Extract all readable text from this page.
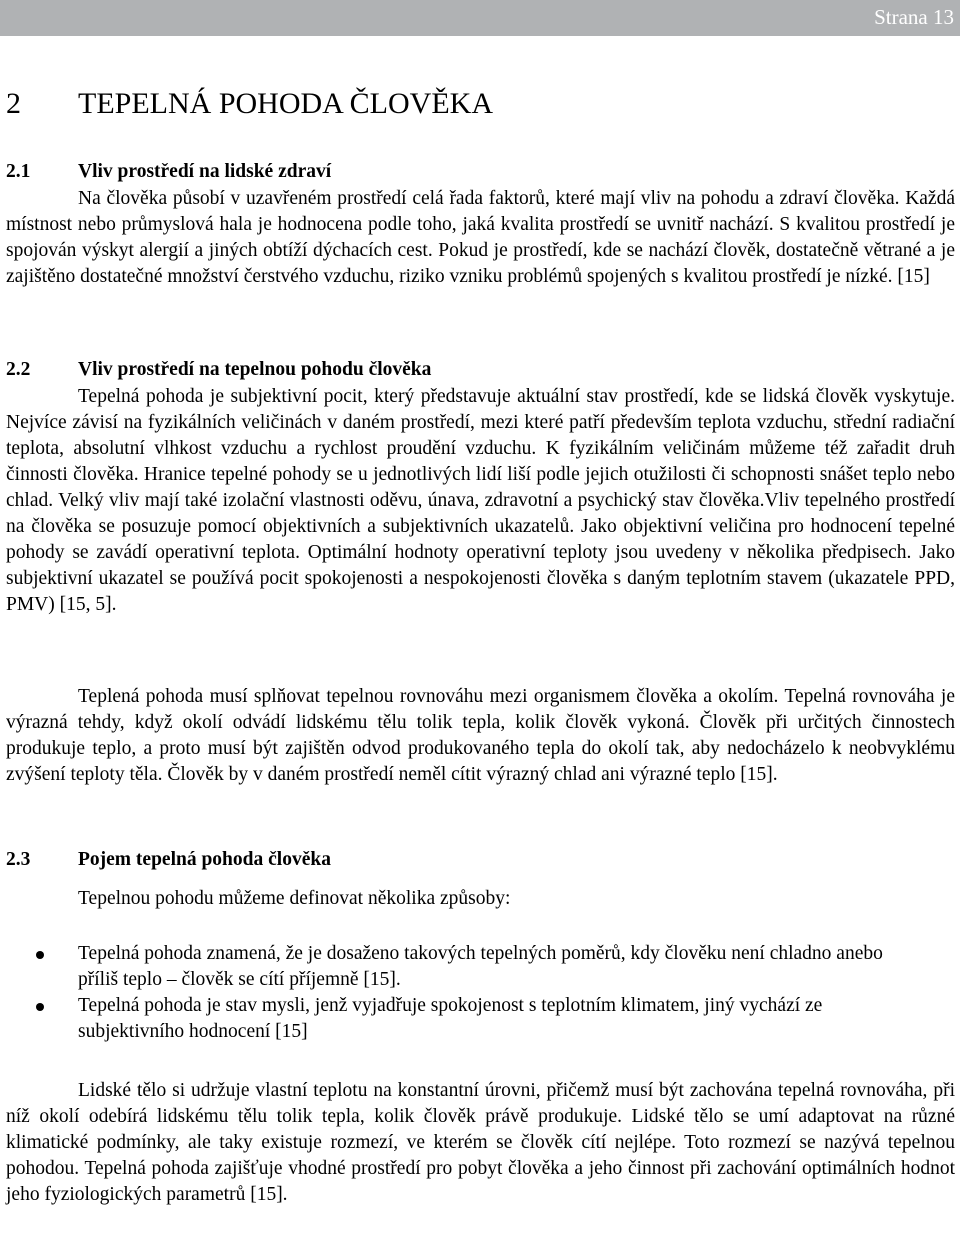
Strana 13
2 TEPELNÁ POHODA ČLOVĚKA
2.1 Vliv prostředí na lidské zdraví

Na člověka působí v uzavřeném prostředí celá řada faktorů, které mají vliv na pohodu a zdraví člověka. Každá místnost nebo průmyslová hala je hodnocena podle toho, jaká kvalita prostředí se uvnitř nachází. S kvalitou prostředí je spojován výskyt alergií a jiných obtíží dýchacích cest. Pokud je prostředí, kde se nachází člověk, dostatečně větrané a je zajištěno dostatečné množství čerstvého vzduchu, riziko vzniku problémů spojených s kvalitou prostředí je nízké. [15]

2.2 Vliv prostředí na tepelnou pohodu člověka

Tepelná pohoda je subjektivní pocit, který představuje aktuální stav prostředí, kde se lidská člověk vyskytuje. Nejvíce závisí na fyzikálních veličinách v daném prostředí, mezi které patří především teplota vzduchu, střední radiační teplota, absolutní vlhkost vzduchu a rychlost proudění vzduchu. K fyzikálním veličinám můžeme též zařadit druh činnosti člověka. Hranice tepelné pohody se u jednotlivých lidí liší podle jejich otužilosti či schopnosti snášet teplo nebo chlad. Velký vliv mají také izolační vlastnosti oděvu, únava, zdravotní a psychický stav člověka.Vliv tepelného prostředí na člověka se posuzuje pomocí objektivních a subjektivních ukazatelů. Jako objektivní veličina pro hodnocení tepelné pohody se zavádí operativní teplota. Optimální hodnoty operativní teploty jsou uvedeny v několika předpisech. Jako subjektivní ukazatel se používá pocit spokojenosti a nespokojenosti člověka s daným teplotním stavem (ukazatele PPD, PMV) [15, 5].

Teplená pohoda musí splňovat tepelnou rovnováhu mezi organismem člověka a okolím. Tepelná rovnováha je výrazná tehdy, když okolí odvádí lidskému tělu tolik tepla, kolik člověk vykoná. Člověk při určitých činnostech produkuje teplo, a proto musí být zajištěn odvod produkovaného tepla do okolí tak, aby nedocházelo k neobvyklému zvýšení teploty těla. Člověk by v daném prostředí neměl cítit výrazný chlad ani výrazné teplo [15].

2.3 Pojem tepelná pohoda člověka

Tepelnou pohodu můžeme definovat několika způsoby:

Tepelná pohoda znamená, že je dosaženo takových tepelných poměrů, kdy člověku není chladno anebo příliš teplo – člověk se cítí příjemně [15].
Tepelná pohoda je stav mysli, jenž vyjadřuje spokojenost s teplotním klimatem, jiný vychází ze subjektivního hodnocení [15]

Lidské tělo si udržuje vlastní teplotu na konstantní úrovni, přičemž musí být zachována tepelná rovnováha, při níž okolí odebírá lidskému tělu tolik tepla, kolik člověk právě produkuje. Lidské tělo se umí adaptovat na různé klimatické podmínky, ale taky existuje rozmezí, ve kterém se člověk cítí nejlépe. Toto rozmezí se nazývá tepelnou pohodou. Tepelná pohoda zajišťuje vhodné prostředí pro pobyt člověka a jeho činnost při zachování optimálních hodnot jeho fyziologických parametrů [15].
